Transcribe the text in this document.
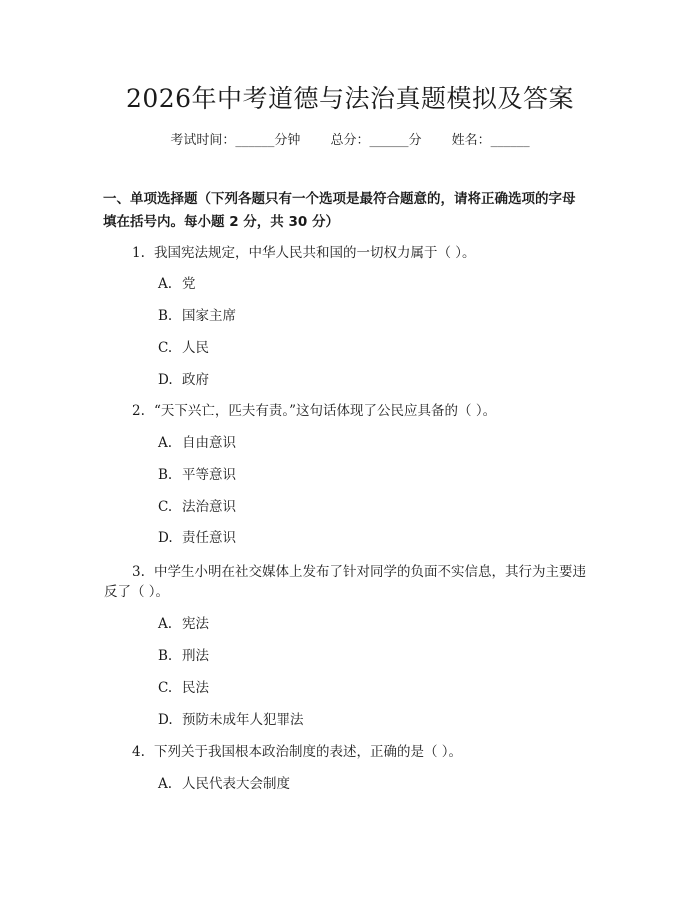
2026年中考道德与法治真题模拟及答案
考试时间：______分钟 总分：______分 姓名：______
一、单项选择题（下列各题只有一个选项是最符合题意的，请将正确选项的字母
填在括号内。每小题 2 分，共 30 分）
1. 我国宪法规定，中华人民共和国的一切权力属于（ ）。
A. 党
B. 国家主席
C. 人民
D. 政府
2. “天下兴亡，匹夫有责。”这句话体现了公民应具备的（ ）。
A. 自由意识
B. 平等意识
C. 法治意识
D. 责任意识
3. 中学生小明在社交媒体上发布了针对同学的负面不实信息，其行为主要违
反了（ ）。
A. 宪法
B. 刑法
C. 民法
D. 预防未成年人犯罪法
4. 下列关于我国根本政治制度的表述，正确的是（ ）。
A. 人民代表大会制度
